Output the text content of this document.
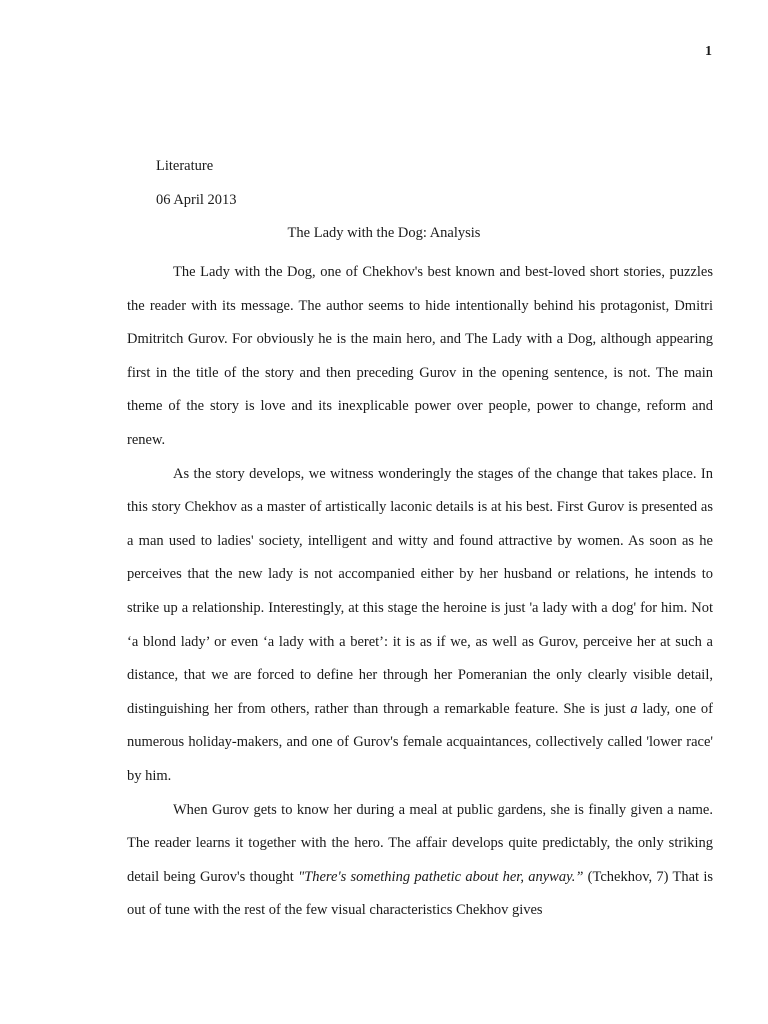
1
Literature
06 April 2013
The Lady with the Dog: Analysis

The Lady with the Dog, one of Chekhov's best known and best-loved short stories, puzzles the reader with its message. The author seems to hide intentionally behind his protagonist, Dmitri Dmitritch Gurov. For obviously he is the main hero, and The Lady with a Dog, although appearing first in the title of the story and then preceding Gurov in the opening sentence, is not. The main theme of the story is love and its inexplicable power over people, power to change, reform and renew.

As the story develops, we witness wonderingly the stages of the change that takes place. In this story Chekhov as a master of artistically laconic details is at his best. First Gurov is presented as a man used to ladies' society, intelligent and witty and found attractive by women. As soon as he perceives that the new lady is not accompanied either by her husband or relations, he intends to strike up a relationship. Interestingly, at this stage the heroine is just 'a lady with a dog' for him. Not ‘a blond lady’ or even ‘a lady with a beret’: it is as if we, as well as Gurov, perceive her at such a distance, that we are forced to define her through her Pomeranian the only clearly visible detail, distinguishing her from others, rather than through a remarkable feature. She is just a lady, one of numerous holiday-makers, and one of Gurov's female acquaintances, collectively called 'lower race' by him.

When Gurov gets to know her during a meal at public gardens, she is finally given a name. The reader learns it together with the hero. The affair develops quite predictably, the only striking detail being Gurov's thought "There's something pathetic about her, anyway.” (Tchekhov, 7) That is out of tune with the rest of the few visual characteristics Chekhov gives
